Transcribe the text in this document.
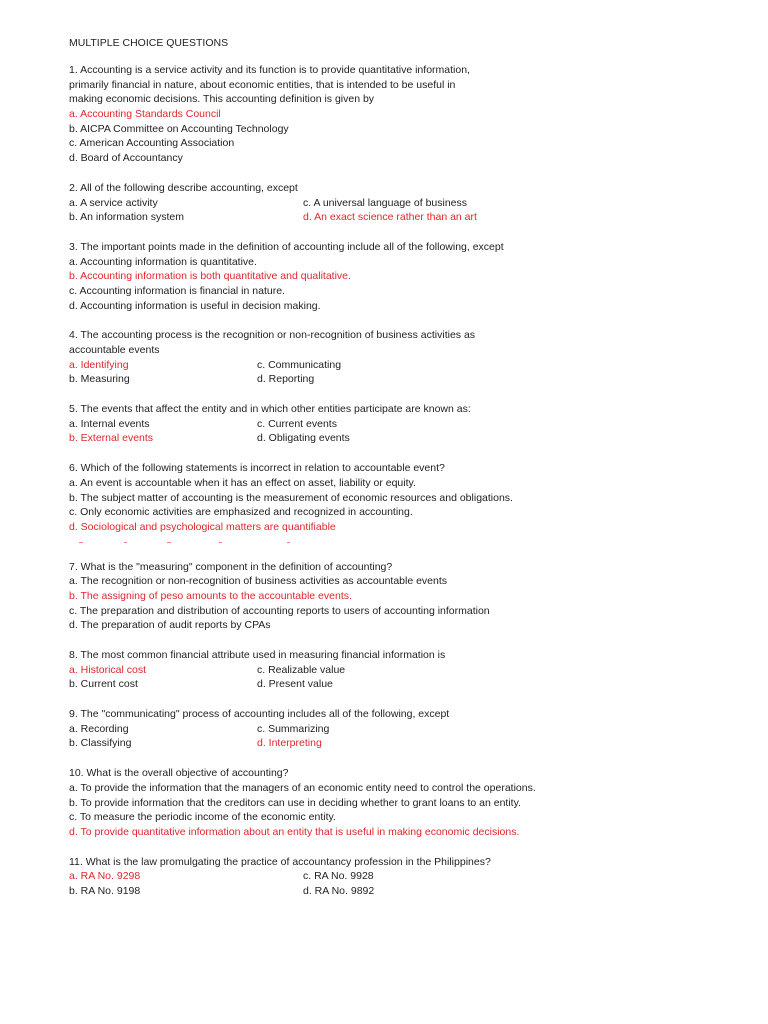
MULTIPLE CHOICE QUESTIONS
1. Accounting is a service activity and its function is to provide quantitative information,
primarily financial in nature, about economic entities, that is intended to be useful in
making economic decisions. This accounting definition is given by
a. Accounting Standards Council
b. AICPA Committee on Accounting Technology
c. American Accounting Association
d. Board of Accountancy
2. All of the following describe accounting, except
a. A service activity	c. A universal language of business
b. An information system	d. An exact science rather than an art
3. The important points made in the definition of accounting include all of the following, except
a. Accounting information is quantitative.
b. Accounting information is both quantitative and qualitative.
c. Accounting information is financial in nature.
d. Accounting information is useful in decision making.
4. The accounting process is the recognition or non-recognition of business activities as
accountable events
a. Identifying	c. Communicating
b. Measuring	d. Reporting
5. The events that affect the entity and in which other entities participate are known as:
a. Internal events	c. Current events
b. External events	d. Obligating events
6. Which of the following statements is incorrect in relation to accountable event?
a. An event is accountable when it has an effect on asset, liability or equity.
b. The subject matter of accounting is the measurement of economic resources and obligations.
c. Only economic activities are emphasized and recognized in accounting.
d. Sociological and psychological matters are quantifiable
7. What is the "measuring" component in the definition of accounting?
a. The recognition or non-recognition of business activities as accountable events
b. The assigning of peso amounts to the accountable events.
c. The preparation and distribution of accounting reports to users of accounting information
d. The preparation of audit reports by CPAs
8. The most common financial attribute used in measuring financial information is
a. Historical cost	c. Realizable value
b. Current cost	d. Present value
9. The "communicating" process of accounting includes all of the following, except
a. Recording	c. Summarizing
b. Classifying	d. Interpreting
10. What is the overall objective of accounting?
a. To provide the information that the managers of an economic entity need to control the operations.
b. To provide information that the creditors can use in deciding whether to grant loans to an entity.
c. To measure the periodic income of the economic entity.
d. To provide quantitative information about an entity that is useful in making economic decisions.
11. What is the law promulgating the practice of accountancy profession in the Philippines?
a. RA No. 9298	c. RA No. 9928
b. RA No. 9198	d. RA No. 9892
